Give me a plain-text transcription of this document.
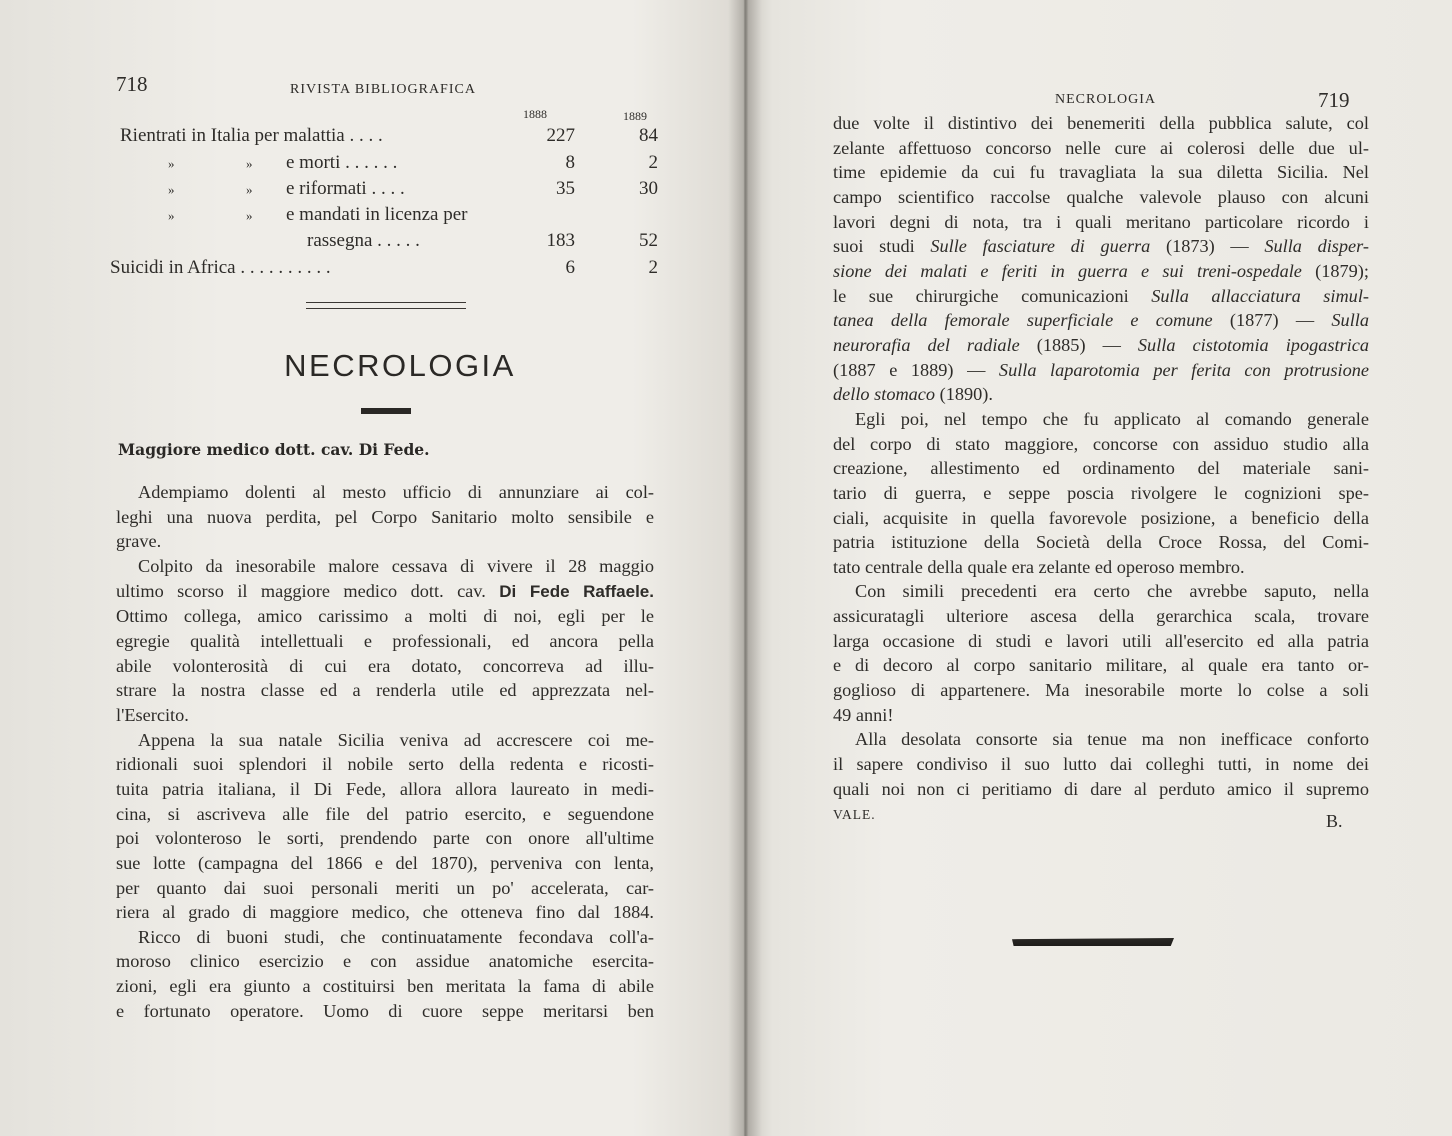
718	RIVISTA BIBLIOGRAFICA
1888	1889
Rientrati in Italia per malattia . . . .	227	84
»	» e morti . . . . . .	8	2
»	» e riformati . . . .	35	30
»	» e mandati in licenza per
rassegna . . . . .	183	52
Suicidi in Africa . . . . . . . . . .	6	2
NECROLOGIA
Maggiore medico dott. cav. Di Fede.
Adempiamo dolenti al mesto ufficio di annunziare ai col-
leghi una nuova perdita, pel Corpo Sanitario molto sensibile e
grave.
Colpito da inesorabile malore cessava di vivere il 28 maggio
ultimo scorso il maggiore medico dott. cav. Di Fede Raffaele.
Ottimo collega, amico carissimo a molti di noi, egli per le
egregie qualità intellettuali e professionali, ed ancora pella
abile volonterosità di cui era dotato, concorreva ad illu-
strare la nostra classe ed a renderla utile ed apprezzata nel-
l'Esercito.
Appena la sua natale Sicilia veniva ad accrescere coi me-
ridionali suoi splendori il nobile serto della redenta e ricosti-
tuita patria italiana, il Di Fede, allora allora laureato in medi-
cina, si ascriveva alle file del patrio esercito, e seguendone
poi volonteroso le sorti, prendendo parte con onore all'ultime
sue lotte (campagna del 1866 e del 1870), perveniva con lenta,
per quanto dai suoi personali meriti un po' accelerata, car-
riera al grado di maggiore medico, che otteneva fino dal 1884.
Ricco di buoni studi, che continuatamente fecondava coll'a-
moroso clinico esercizio e con assidue anatomiche esercita-
zioni, egli era giunto a costituirsi ben meritata la fama di abile
e fortunato operatore. Uomo di cuore seppe meritarsi ben
NECROLOGIA	719
due volte il distintivo dei benemeriti della pubblica salute, col
zelante affettuoso concorso nelle cure ai colerosi delle due ul-
time epidemie da cui fu travagliata la sua diletta Sicilia. Nel
campo scientifico raccolse qualche valevole plauso con alcuni
lavori degni di nota, tra i quali meritano particolare ricordo i
suoi studi Sulle fasciature di guerra (1873) — Sulla disper-
sione dei malati e feriti in guerra e sui treni-ospedale (1879);
le sue chirurgiche comunicazioni Sulla allacciatura simul-
tanea della femorale superficiale e comune (1877) — Sulla
neurorafia del radiale (1885) — Sulla cistotomia ipogastrica
(1887 e 1889) — Sulla laparotomia per ferita con protrusione
dello stomaco (1890).
Egli poi, nel tempo che fu applicato al comando generale
del corpo di stato maggiore, concorse con assiduo studio alla
creazione, allestimento ed ordinamento del materiale sani-
tario di guerra, e seppe poscia rivolgere le cognizioni spe-
ciali, acquisite in quella favorevole posizione, a beneficio della
patria istituzione della Società della Croce Rossa, del Comi-
tato centrale della quale era zelante ed operoso membro.
Con simili precedenti era certo che avrebbe saputo, nella
assicuratagli ulteriore ascesa della gerarchica scala, trovare
larga occasione di studi e lavori utili all'esercito ed alla patria
e di decoro al corpo sanitario militare, al quale era tanto or-
goglioso di appartenere. Ma inesorabile morte lo colse a soli
49 anni!
Alla desolata consorte sia tenue ma non inefficace conforto
il sapere condiviso il suo lutto dai colleghi tutti, in nome dei
quali noi non ci peritiamo di dare al perduto amico il supremo
VALE.	B.
